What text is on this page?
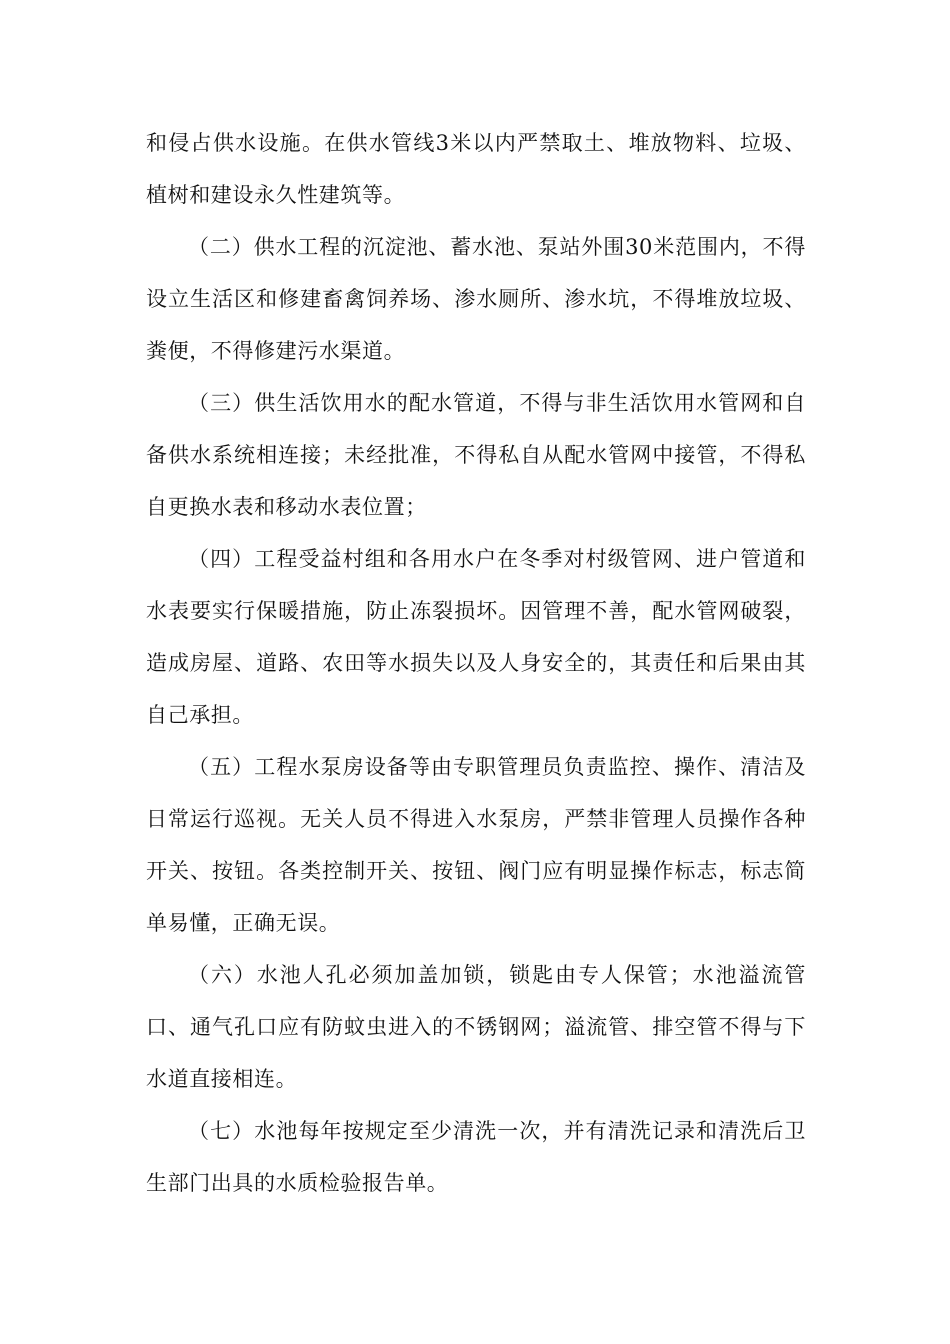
和侵占供水设施。在供水管线3米以内严禁取土、堆放物料、垃圾、植树和建设永久性建筑等。

（二）供水工程的沉淀池、蓄水池、泵站外围30米范围内，不得设立生活区和修建畜禽饲养场、渗水厕所、渗水坑，不得堆放垃圾、粪便，不得修建污水渠道。

（三）供生活饮用水的配水管道，不得与非生活饮用水管网和自备供水系统相连接；未经批准，不得私自从配水管网中接管，不得私自更换水表和移动水表位置；

（四）工程受益村组和各用水户在冬季对村级管网、进户管道和水表要实行保暖措施，防止冻裂损坏。因管理不善，配水管网破裂，造成房屋、道路、农田等水损失以及人身安全的，其责任和后果由其自己承担。

（五）工程水泵房设备等由专职管理员负责监控、操作、清洁及日常运行巡视。无关人员不得进入水泵房，严禁非管理人员操作各种开关、按钮。各类控制开关、按钮、阀门应有明显操作标志，标志简单易懂，正确无误。

（六）水池人孔必须加盖加锁，锁匙由专人保管；水池溢流管口、通气孔口应有防蚊虫进入的不锈钢网；溢流管、排空管不得与下水道直接相连。

（七）水池每年按规定至少清洗一次，并有清洗记录和清洗后卫生部门出具的水质检验报告单。
